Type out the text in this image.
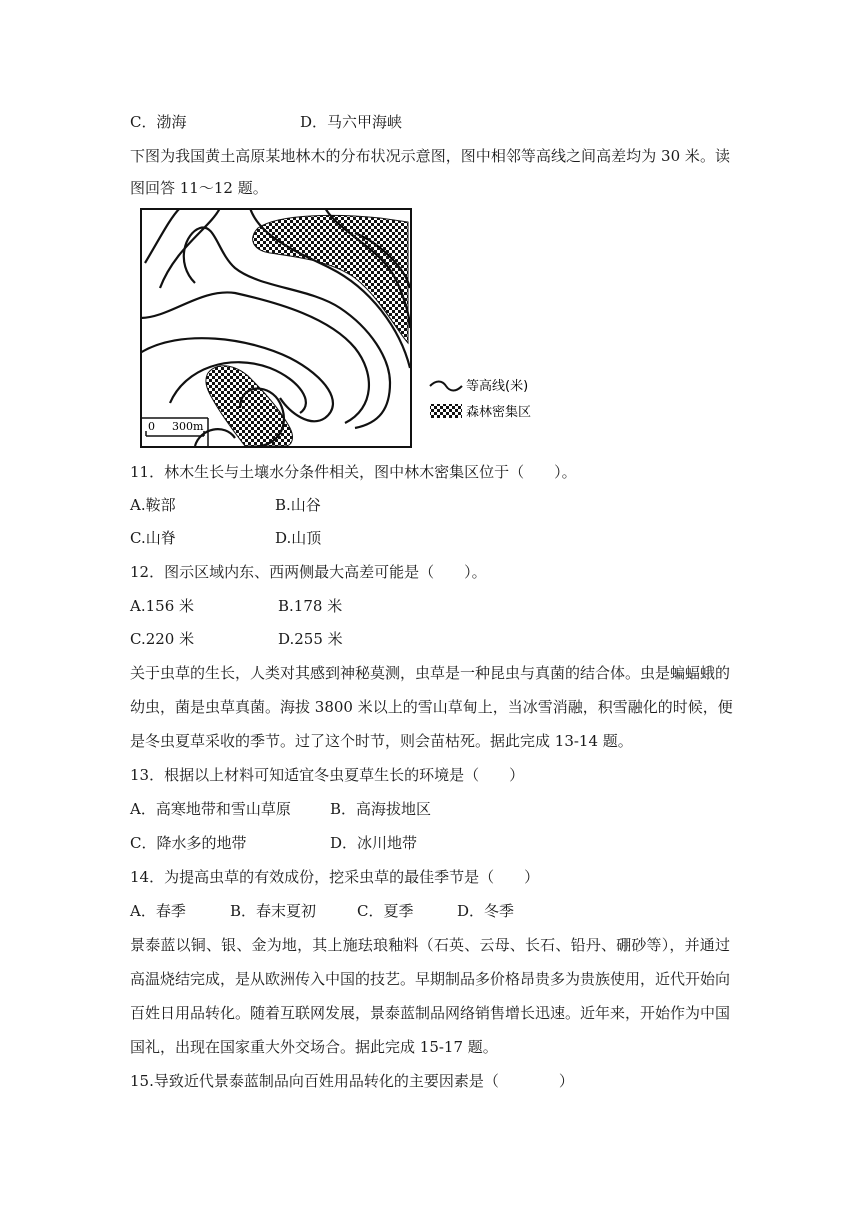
C．渤海	D．马六甲海峡
下图为我国黄土高原某地林木的分布状况示意图，图中相邻等高线之间高差均为 30 米。读
图回答 11～12 题。
0 300m
等高线(米)
森林密集区
11．林木生长与土壤水分条件相关，图中林木密集区位于（　　）。
A.鞍部	B.山谷
C.山脊	D.山顶
12．图示区域内东、西两侧最大高差可能是（　　）。
A.156 米	B.178 米
C.220 米	D.255 米
关于虫草的生长，人类对其感到神秘莫测，虫草是一种昆虫与真菌的结合体。虫是蝙蝠蛾的
幼虫，菌是虫草真菌。海拔 3800 米以上的雪山草甸上，当冰雪消融，积雪融化的时候，便
是冬虫夏草采收的季节。过了这个时节，则会苗枯死。据此完成 13-14 题。
13．根据以上材料可知适宜冬虫夏草生长的环境是（　　）
A．高寒地带和雪山草原	B．高海拔地区
C．降水多的地带	D．冰川地带
14．为提高虫草的有效成份，挖采虫草的最佳季节是（　　）
A．春季	B．春末夏初	C．夏季	D．冬季
景泰蓝以铜、银、金为地，其上施珐琅釉料（石英、云母、长石、铅丹、硼砂等），并通过
高温烧结完成，是从欧洲传入中国的技艺。早期制品多价格昂贵多为贵族使用，近代开始向
百姓日用品转化。随着互联网发展，景泰蓝制品网络销售增长迅速。近年来，开始作为中国
国礼，出现在国家重大外交场合。据此完成 15-17 题。
15.导致近代景泰蓝制品向百姓用品转化的主要因素是（　　　　）
